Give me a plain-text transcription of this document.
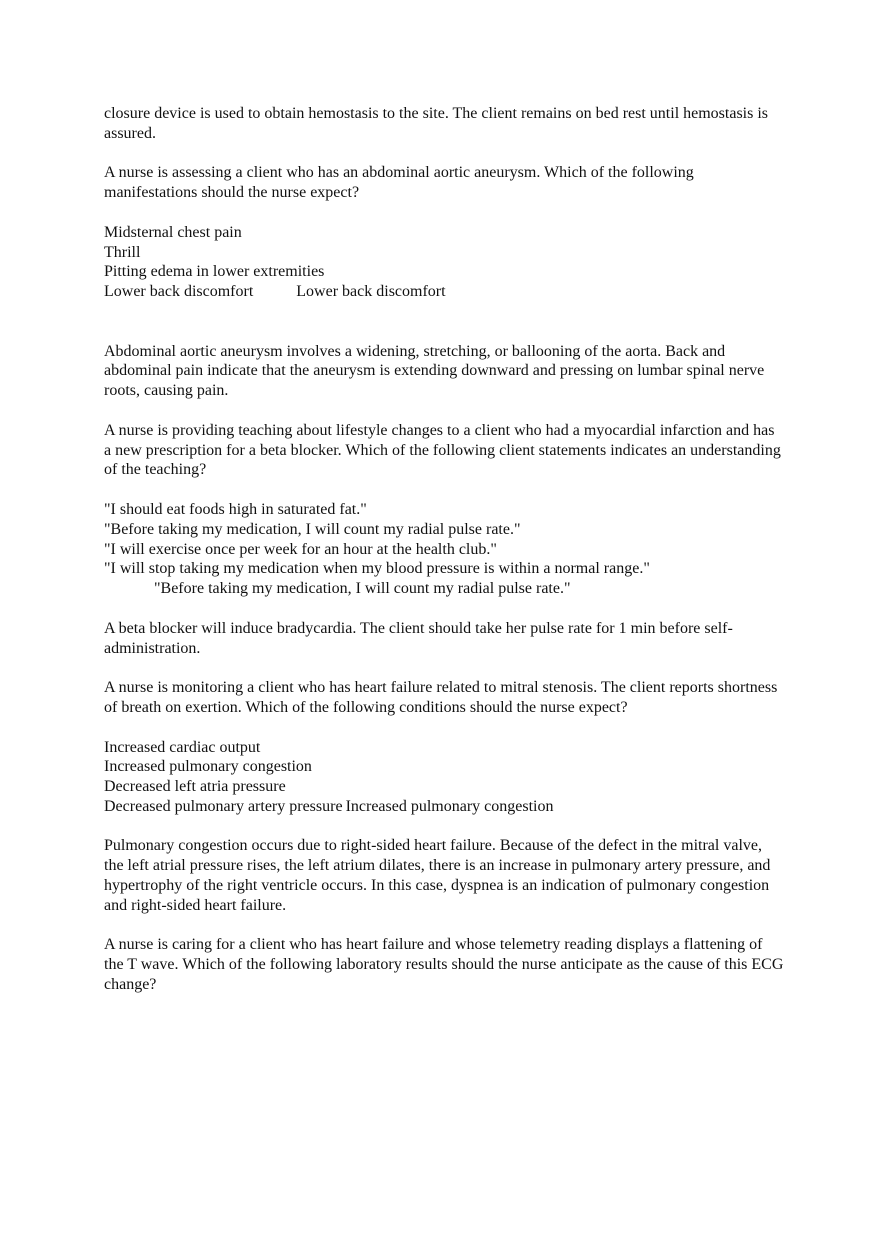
closure device is used to obtain hemostasis to the site. The client remains on bed rest until hemostasis is assured.

A nurse is assessing a client who has an abdominal aortic aneurysm. Which of the following manifestations should the nurse expect?

Midsternal chest pain
Thrill
Pitting edema in lower extremities
Lower back discomfort	Lower back discomfort

Abdominal aortic aneurysm involves a widening, stretching, or ballooning of the aorta. Back and abdominal pain indicate that the aneurysm is extending downward and pressing on lumbar spinal nerve roots, causing pain.

A nurse is providing teaching about lifestyle changes to a client who had a myocardial infarction and has a new prescription for a beta blocker. Which of the following client statements indicates an understanding of the teaching?

"I should eat foods high in saturated fat."
"Before taking my medication, I will count my radial pulse rate."
"I will exercise once per week for an hour at the health club."
"I will stop taking my medication when my blood pressure is within a normal range."
"Before taking my medication, I will count my radial pulse rate."

A beta blocker will induce bradycardia. The client should take her pulse rate for 1 min before self-administration.

A nurse is monitoring a client who has heart failure related to mitral stenosis. The client reports shortness of breath on exertion. Which of the following conditions should the nurse expect?

Increased cardiac output
Increased pulmonary congestion
Decreased left atria pressure
Decreased pulmonary artery pressure Increased pulmonary congestion

Pulmonary congestion occurs due to right-sided heart failure. Because of the defect in the mitral valve, the left atrial pressure rises, the left atrium dilates, there is an increase in pulmonary artery pressure, and hypertrophy of the right ventricle occurs. In this case, dyspnea is an indication of pulmonary congestion and right-sided heart failure.

A nurse is caring for a client who has heart failure and whose telemetry reading displays a flattening of the T wave. Which of the following laboratory results should the nurse anticipate as the cause of this ECG change?
